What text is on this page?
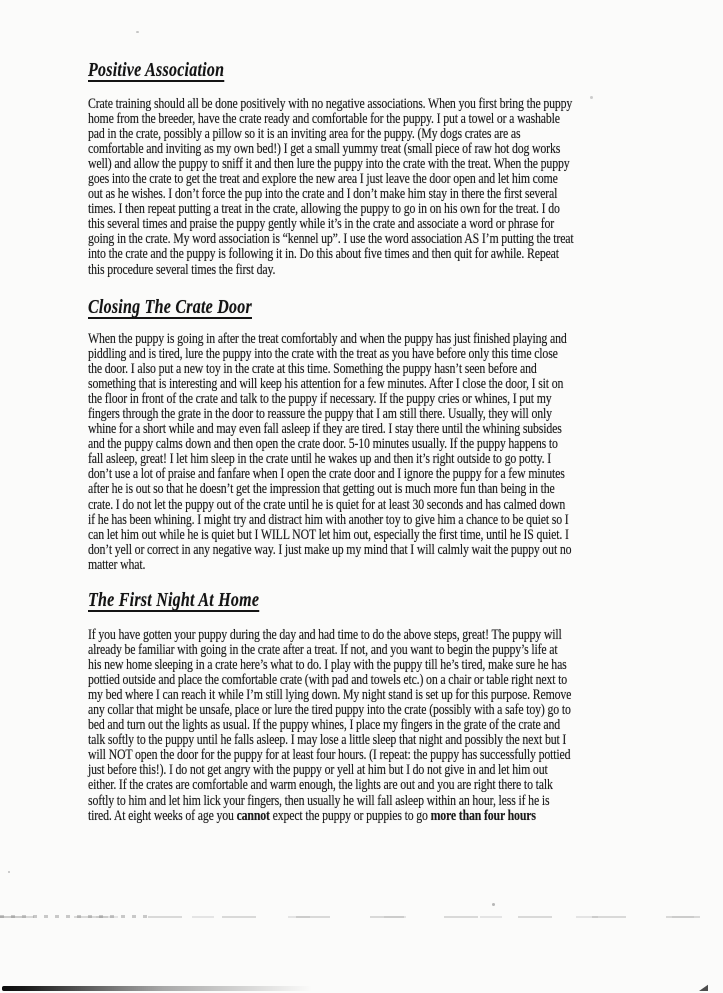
Positive Association
Crate training should all be done positively with no negative associations. When you first bring the puppy
home from the breeder, have the crate ready and comfortable for the puppy. I put a towel or a washable
pad in the crate, possibly a pillow so it is an inviting area for the puppy. (My dogs crates are as
comfortable and inviting as my own bed!) I get a small yummy treat (small piece of raw hot dog works
well) and allow the puppy to sniff it and then lure the puppy into the crate with the treat. When the puppy
goes into the crate to get the treat and explore the new area I just leave the door open and let him come
out as he wishes. I don’t force the pup into the crate and I don’t make him stay in there the first several
times. I then repeat putting a treat in the crate, allowing the puppy to go in on his own for the treat. I do
this several times and praise the puppy gently while it’s in the crate and associate a word or phrase for
going in the crate. My word association is “kennel up”. I use the word association AS I’m putting the treat
into the crate and the puppy is following it in. Do this about five times and then quit for awhile. Repeat
this procedure several times the first day.
Closing The Crate Door
When the puppy is going in after the treat comfortably and when the puppy has just finished playing and
piddling and is tired, lure the puppy into the crate with the treat as you have before only this time close
the door. I also put a new toy in the crate at this time. Something the puppy hasn’t seen before and
something that is interesting and will keep his attention for a few minutes. After I close the door, I sit on
the floor in front of the crate and talk to the puppy if necessary. If the puppy cries or whines, I put my
fingers through the grate in the door to reassure the puppy that I am still there. Usually, they will only
whine for a short while and may even fall asleep if they are tired. I stay there until the whining subsides
and the puppy calms down and then open the crate door. 5-10 minutes usually. If the puppy happens to
fall asleep, great! I let him sleep in the crate until he wakes up and then it’s right outside to go potty. I
don’t use a lot of praise and fanfare when I open the crate door and I ignore the puppy for a few minutes
after he is out so that he doesn’t get the impression that getting out is much more fun than being in the
crate. I do not let the puppy out of the crate until he is quiet for at least 30 seconds and has calmed down
if he has been whining. I might try and distract him with another toy to give him a chance to be quiet so I
can let him out while he is quiet but I WILL NOT let him out, especially the first time, until he IS quiet. I
don’t yell or correct in any negative way. I just make up my mind that I will calmly wait the puppy out no
matter what.
The First Night At Home
If you have gotten your puppy during the day and had time to do the above steps, great! The puppy will
already be familiar with going in the crate after a treat. If not, and you want to begin the puppy’s life at
his new home sleeping in a crate here’s what to do. I play with the puppy till he’s tired, make sure he has
pottied outside and place the comfortable crate (with pad and towels etc.) on a chair or table right next to
my bed where I can reach it while I’m still lying down. My night stand is set up for this purpose. Remove
any collar that might be unsafe, place or lure the tired puppy into the crate (possibly with a safe toy) go to
bed and turn out the lights as usual. If the puppy whines, I place my fingers in the grate of the crate and
talk softly to the puppy until he falls asleep. I may lose a little sleep that night and possibly the next but I
will NOT open the door for the puppy for at least four hours. (I repeat: the puppy has successfully pottied
just before this!). I do not get angry with the puppy or yell at him but I do not give in and let him out
either. If the crates are comfortable and warm enough, the lights are out and you are right there to talk
softly to him and let him lick your fingers, then usually he will fall asleep within an hour, less if he is
tired. At eight weeks of age you cannot expect the puppy or puppies to go more than four hours
